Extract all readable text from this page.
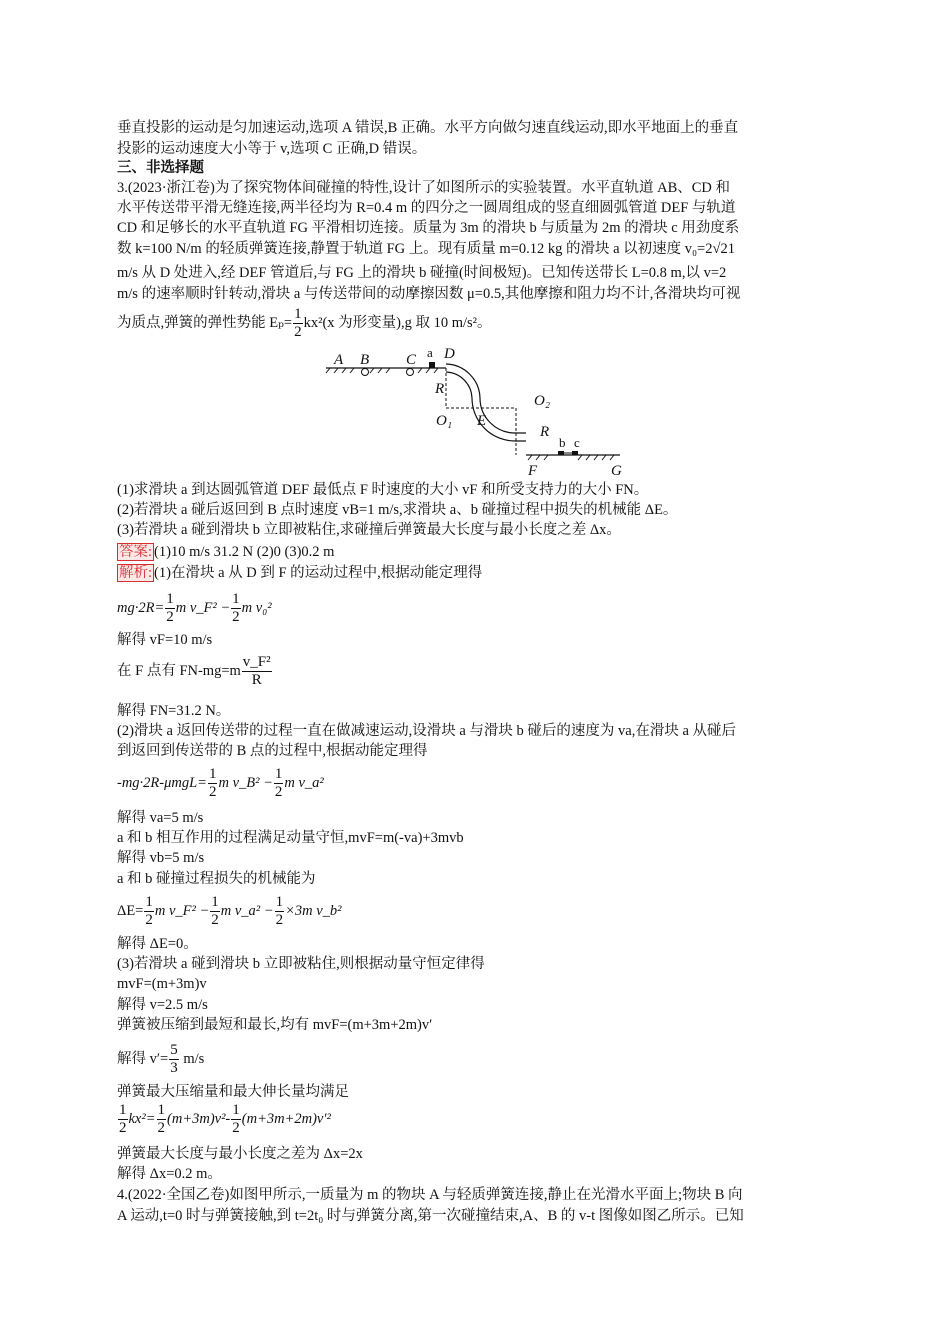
垂直投影的运动是匀加速运动,选项 A 错误,B 正确。水平方向做匀速直线运动,即水平地面上的垂直
投影的运动速度大小等于 v,选项 C 正确,D 错误。
三、非选择题
3.(2023·浙江卷)为了探究物体间碰撞的特性,设计了如图所示的实验装置。水平直轨道 AB、CD 和
水平传送带平滑无缝连接,两半径均为 R=0.4 m 的四分之一圆周组成的竖直细圆弧管道 DEF 与轨道
CD 和足够长的水平直轨道 FG 平滑相切连接。质量为 3m 的滑块 b 与质量为 2m 的滑块 c 用劲度系
数 k=100 N/m 的轻质弹簧连接,静置于轨道 FG 上。现有质量 m=0.12 kg 的滑块 a 以初速度 v₀=2√21
m/s 从 D 处进入,经 DEF 管道后,与 FG 上的滑块 b 碰撞(时间极短)。已知传送带长 L=0.8 m,以 v=2
m/s 的速率顺时针转动,滑块 a 与传送带间的动摩擦因数 μ=0.5,其他摩擦和阻力均不计,各滑块均可视
为质点,弹簧的弹性势能 $E_p= \frac{1}{2} kx^2(x$ 为形变量),g 取 10 m/s²。
A B C a D
R
O₁ E
O₂
R
b c
F	G
(1)求滑块 a 到达圆弧管道 DEF 最低点 F 时速度的大小 vF 和所受支持力的大小 FN。
(2)若滑块 a 碰后返回到 B 点时速度 vB=1 m/s,求滑块 a、b 碰撞过程中损失的机械能 ΔE。
(3)若滑块 a 碰到滑块 b 立即被粘住,求碰撞后弹簧最大长度与最小长度之差 Δx。
答案: (1)10 m/s 31.2 N (2)0 (3)0.2 m
解析: (1)在滑块 a 从 D 到 F 的运动过程中,根据动能定理得
$mg\cdot 2R= \frac{1}{2}$ m v_F² − $\frac{1}{2}$ m v₀²
解得 vF=10 m/s
在 F 点有 $FN-mg=m \frac{\text{v\_F²}}{R}$
解得 FN=31.2 N。
(2)滑块 a 返回传送带的过程一直在做减速运动,设滑块 a 与滑块 b 碰后的速度为 va,在滑块 a 从碰后
到返回到传送带的 B 点的过程中,根据动能定理得
$-mg\cdot 2R-\mu mgL= \frac{1}{2}$ m v_B² − $\frac{1}{2}$ m v_a²
解得 va=5 m/s
a 和 b 相互作用的过程满足动量守恒,mvF=m(-va)+3mvb
解得 vb=5 m/s
a 和 b 碰撞过程损失的机械能为
$\Delta E= \frac{1}{2}$ m v_F² − $\frac{1}{2}$ m v_a² − $\frac{1}{2} \times 3m$ v_b²
解得 ΔE=0。
(3)若滑块 a 碰到滑块 b 立即被粘住,则根据动量守恒定律得
mvF=(m+3m)v
解得 v=2.5 m/s
弹簧被压缩到最短和最长,均有 mvF=(m+3m+2m)v′
解得 $v'= \frac{5}{3} m/s$
弹簧最大压缩量和最大伸长量均满足
$\frac{1}{2} kx^2= \frac{1}{2} (m+3m)v^2- \frac{1}{2} (m+3m+2m)v'^2$
弹簧最大长度与最小长度之差为 Δx=2x
解得 Δx=0.2 m。
4.(2022·全国乙卷)如图甲所示,一质量为 m 的物块 A 与轻质弹簧连接,静止在光滑水平面上;物块 B 向
A 运动,t=0 时与弹簧接触,到 t=2t₀ 时与弹簧分离,第一次碰撞结束,A、B 的 v-t 图像如图乙所示。已知
